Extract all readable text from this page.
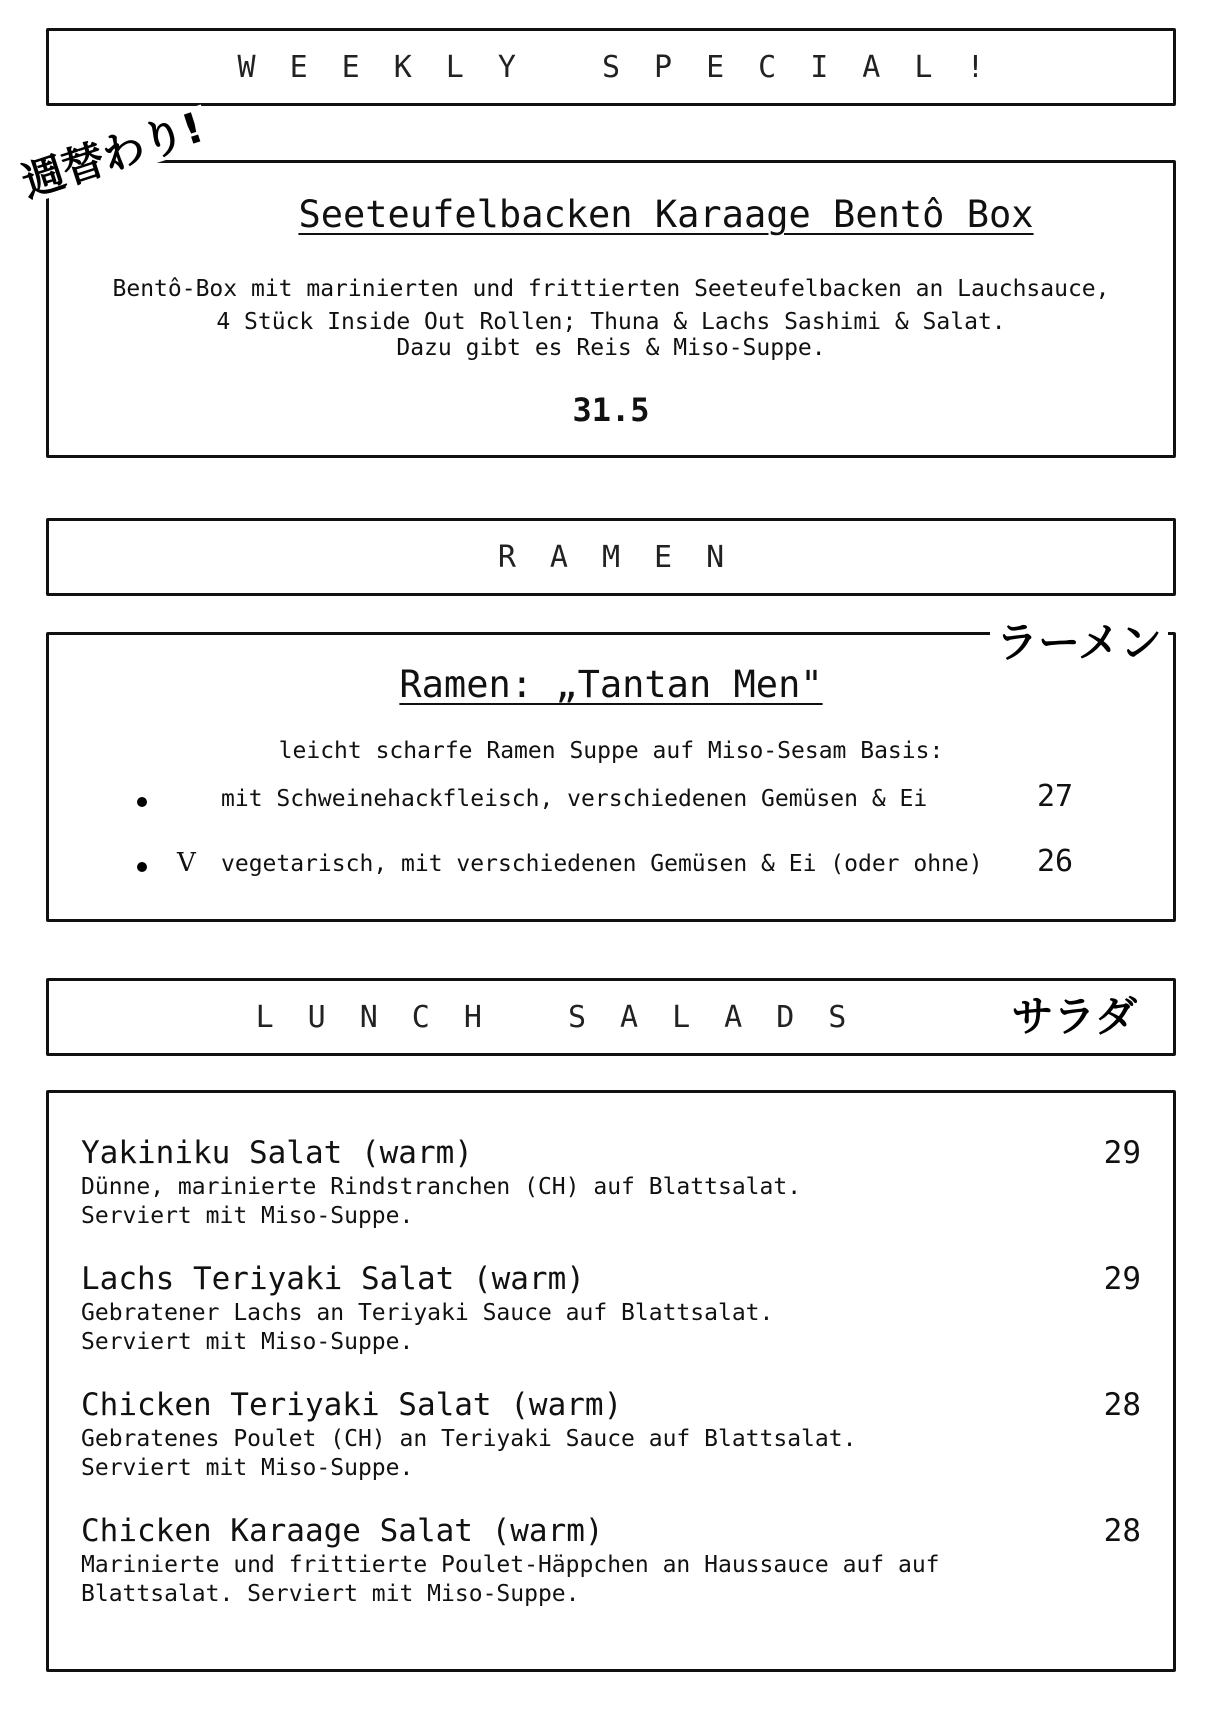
WEEKLY SPECIAL!
Seeteufelbacken Karaage Bentô Box
Bentô-Box mit marinierten und frittierten Seeteufelbacken an Lauchsauce,
4 Stück Inside Out Rollen; Thuna & Lachs Sashimi & Salat.
Dazu gibt es Reis & Miso-Suppe.
31.5
週替わり!
RAMEN
Ramen: „Tantan Men"
leicht scharfe Ramen Suppe auf Miso-Sesam Basis:
mit Schweinehackfleisch, verschiedenen Gemüsen & Ei	27
V vegetarisch, mit verschiedenen Gemüsen & Ei (oder ohne) 26
ラーメン
LUNCH SALADS	サラダ
Yakiniku Salat (warm)	29
Dünne, marinierte Rindstranchen (CH) auf Blattsalat.
Serviert mit Miso-Suppe.
Lachs Teriyaki Salat (warm)	29
Gebratener Lachs an Teriyaki Sauce auf Blattsalat.
Serviert mit Miso-Suppe.
Chicken Teriyaki Salat (warm)	28
Gebratenes Poulet (CH) an Teriyaki Sauce auf Blattsalat.
Serviert mit Miso-Suppe.
Chicken Karaage Salat (warm)	28
Marinierte und frittierte Poulet-Häppchen an Haussauce auf auf
Blattsalat. Serviert mit Miso-Suppe.
